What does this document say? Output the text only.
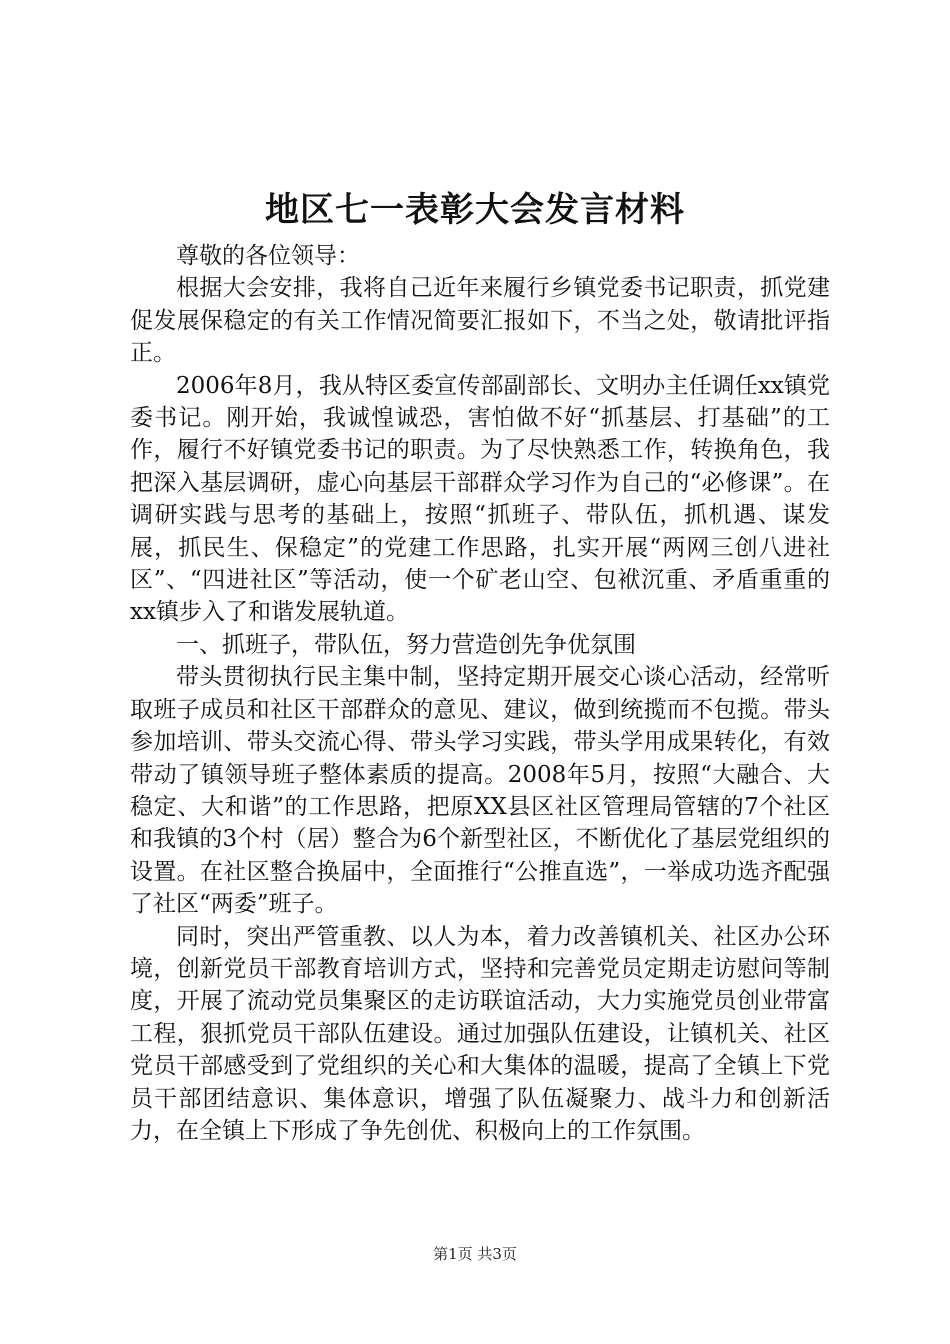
地区七一表彰大会发言材料

尊敬的各位领导：

根据大会安排，我将自己近年来履行乡镇党委书记职责，抓党建促发展保稳定的有关工作情况简要汇报如下，不当之处，敬请批评指正。

2006年8月，我从特区委宣传部副部长、文明办主任调任xx镇党委书记。刚开始，我诚惶诚恐，害怕做不好“抓基层、打基础”的工作，履行不好镇党委书记的职责。为了尽快熟悉工作，转换角色，我把深入基层调研，虚心向基层干部群众学习作为自己的“必修课”。在调研实践与思考的基础上，按照“抓班子、带队伍，抓机遇、谋发展，抓民生、保稳定”的党建工作思路，扎实开展“两网三创八进社区”、“四进社区”等活动，使一个矿老山空、包袱沉重、矛盾重重的xx镇步入了和谐发展轨道。

一、抓班子，带队伍，努力营造创先争优氛围

带头贯彻执行民主集中制，坚持定期开展交心谈心活动，经常听取班子成员和社区干部群众的意见、建议，做到统揽而不包揽。带头参加培训、带头交流心得、带头学习实践，带头学用成果转化，有效带动了镇领导班子整体素质的提高。2008年5月，按照“大融合、大稳定、大和谐”的工作思路，把原XX县区社区管理局管辖的7个社区和我镇的3个村（居）整合为6个新型社区，不断优化了基层党组织的设置。在社区整合换届中，全面推行“公推直选”，一举成功选齐配强了社区“两委”班子。

同时，突出严管重教、以人为本，着力改善镇机关、社区办公环境，创新党员干部教育培训方式，坚持和完善党员定期走访慰问等制度，开展了流动党员集聚区的走访联谊活动，大力实施党员创业带富工程，狠抓党员干部队伍建设。通过加强队伍建设，让镇机关、社区党员干部感受到了党组织的关心和大集体的温暖，提高了全镇上下党员干部团结意识、集体意识，增强了队伍凝聚力、战斗力和创新活力，在全镇上下形成了争先创优、积极向上的工作氛围。

第1页 共3页
